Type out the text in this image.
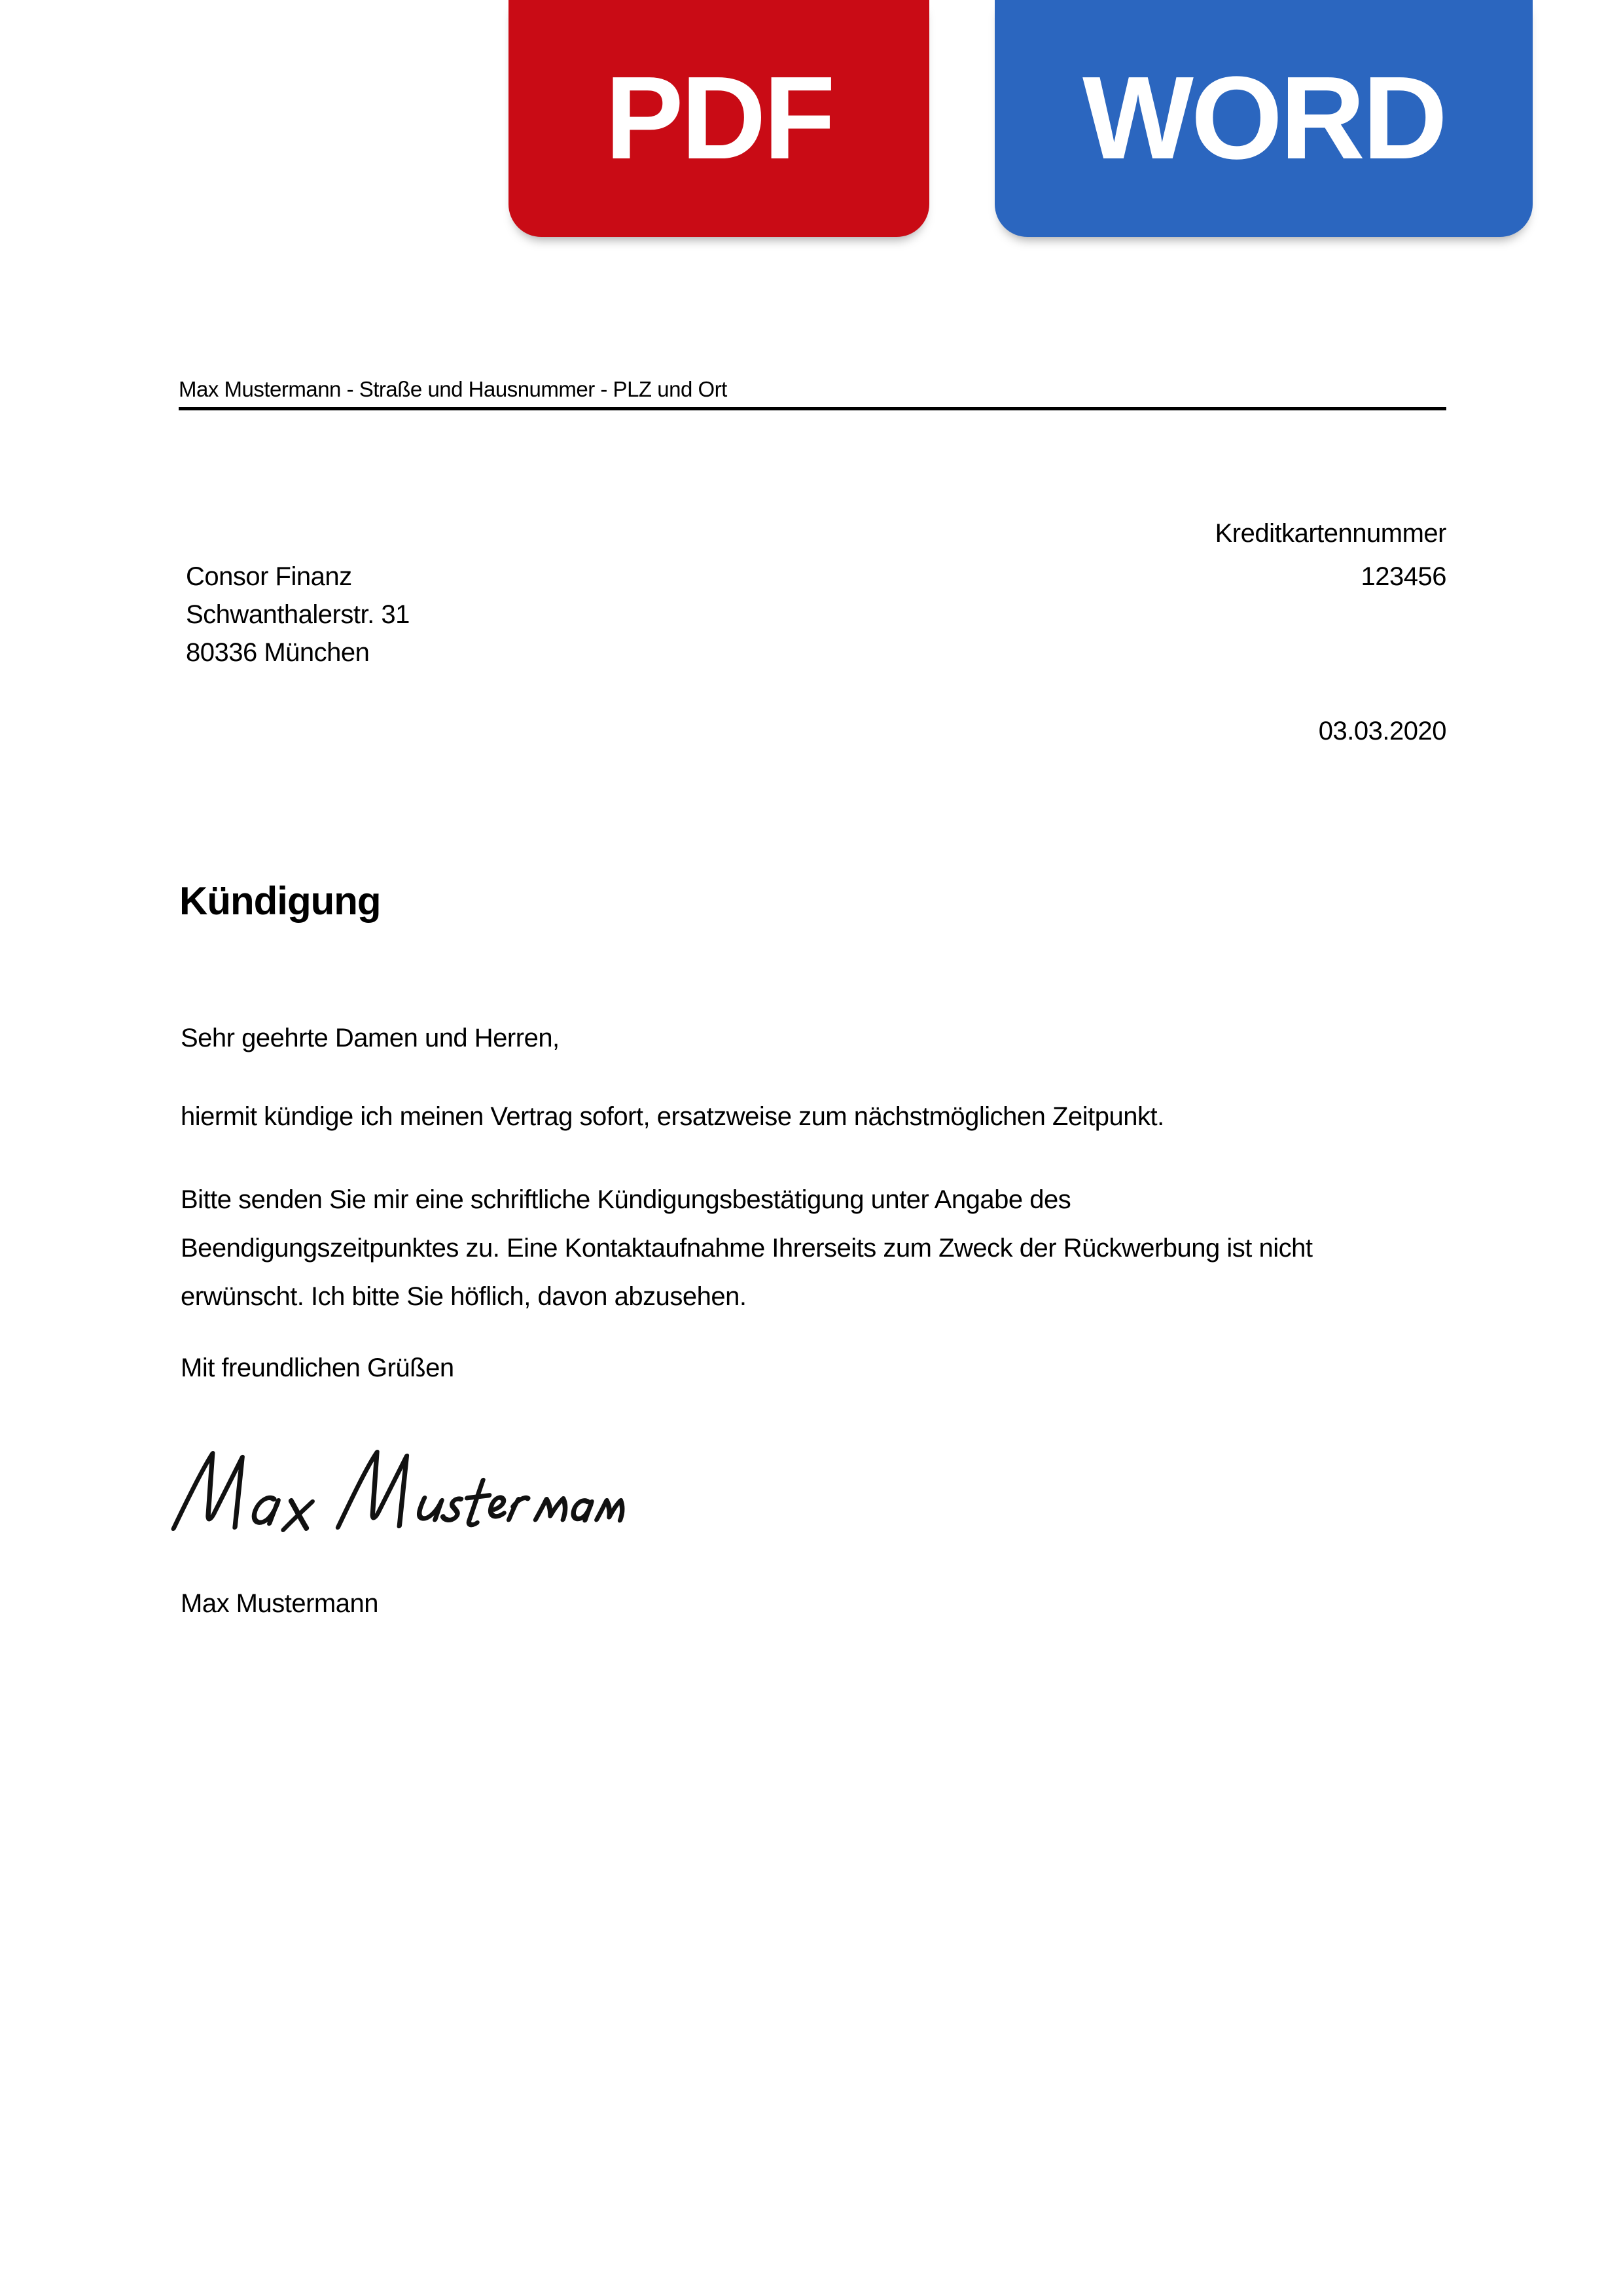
PDF	WORD
Max Mustermann - Straße und Hausnummer - PLZ und Ort
Consor Finanz
Schwanthalerstr. 31
80336 München
Kreditkartennummer
123456
03.03.2020
Kündigung
Sehr geehrte Damen und Herren,
hiermit kündige ich meinen Vertrag sofort, ersatzweise zum nächstmöglichen Zeitpunkt.
Bitte senden Sie mir eine schriftliche Kündigungsbestätigung unter Angabe des
Beendigungszeitpunktes zu. Eine Kontaktaufnahme Ihrerseits zum Zweck der Rückwerbung ist nicht
erwünscht. Ich bitte Sie höflich, davon abzusehen.
Mit freundlichen Grüßen
Max Mustermann
